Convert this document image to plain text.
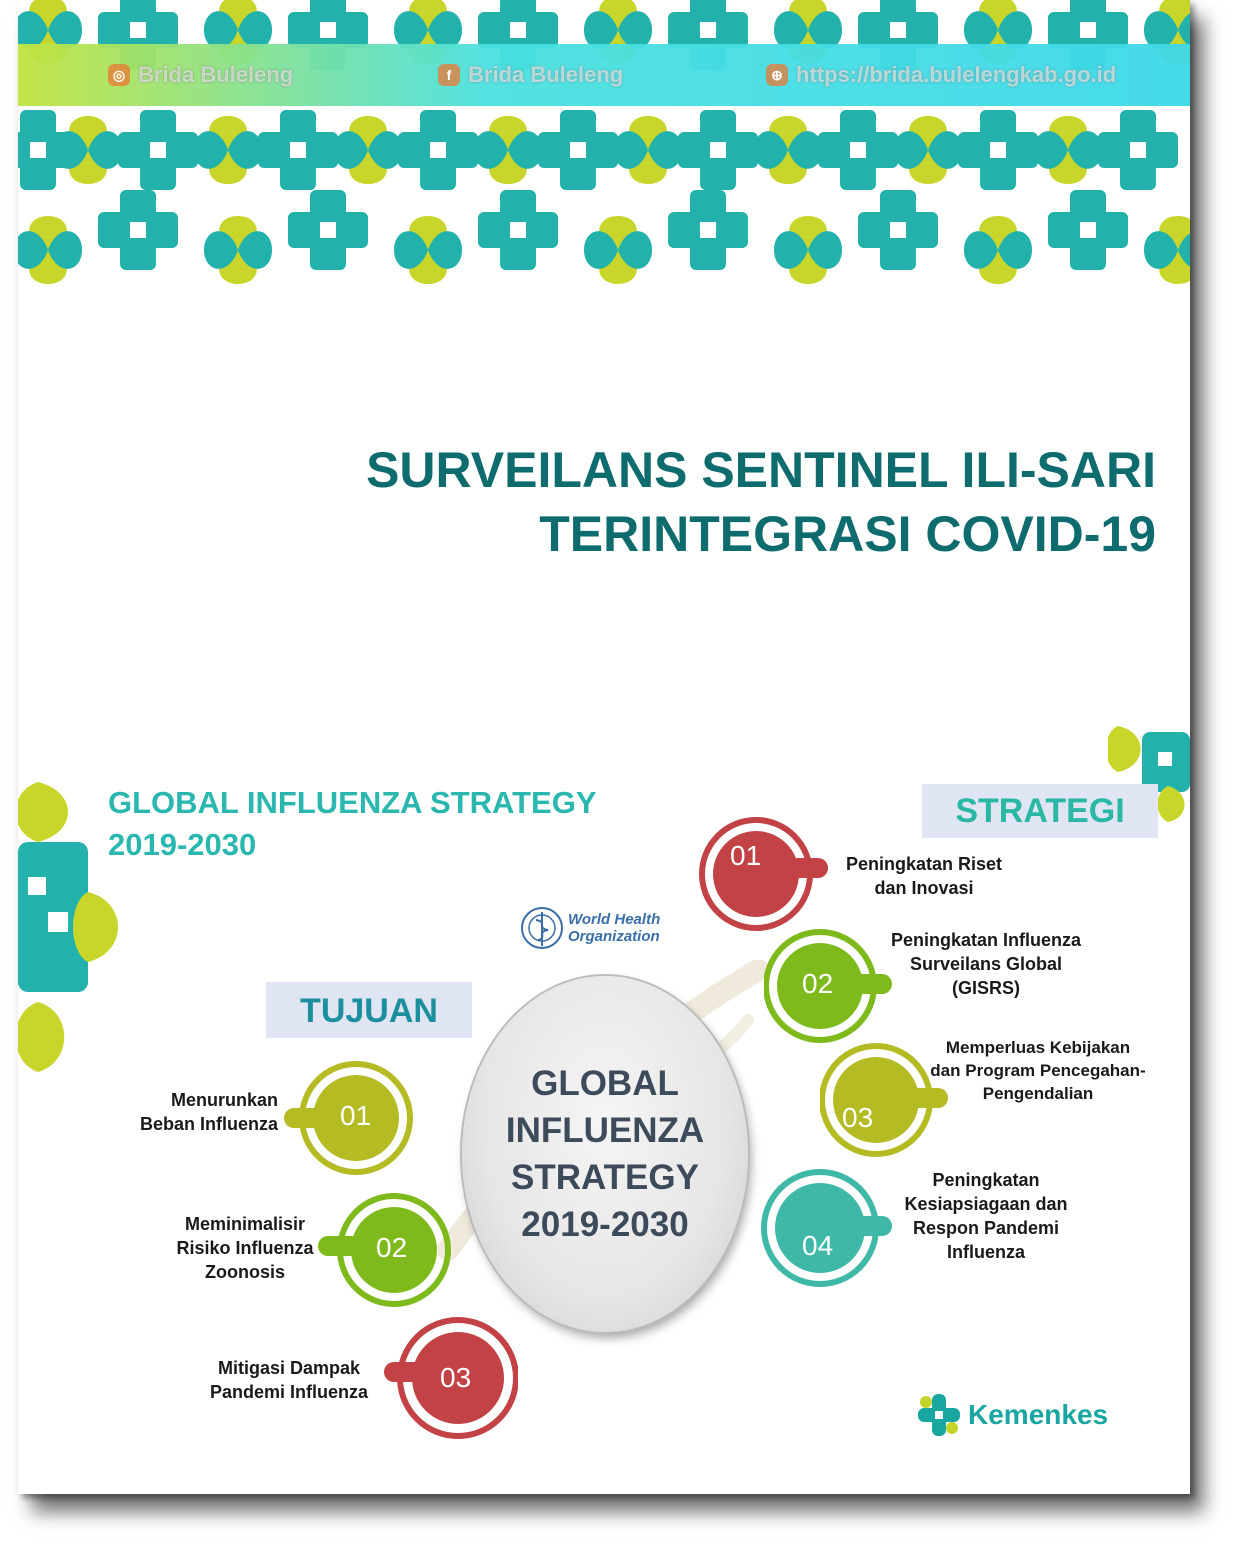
◎ Brida Buleleng	f Brida Buleleng	⊕ https://brida.bulelengkab.go.id
SURVEILANS SENTINEL ILI-SARI
TERINTEGRASI COVID-19
GLOBAL INFLUENZA STRATEGY
2019-2030
STRATEGI
TUJUAN
World Health
Organization
GLOBAL
INFLUENZA
STRATEGY
2019-2030
01
Menurunkan
Beban Influenza
02
Meminimalisir
Risiko Influenza
Zoonosis
03
Mitigasi Dampak
Pandemi Influenza
01	Peningkatan Riset
dan Inovasi
02
Peningkatan Influenza
Surveilans Global
(GISRS)
03
Memperluas Kebijakan
dan Program Pencegahan-
Pengendalian
04
Peningkatan
Kesiapsiagaan dan
Respon Pandemi
Influenza
Kemenkes
